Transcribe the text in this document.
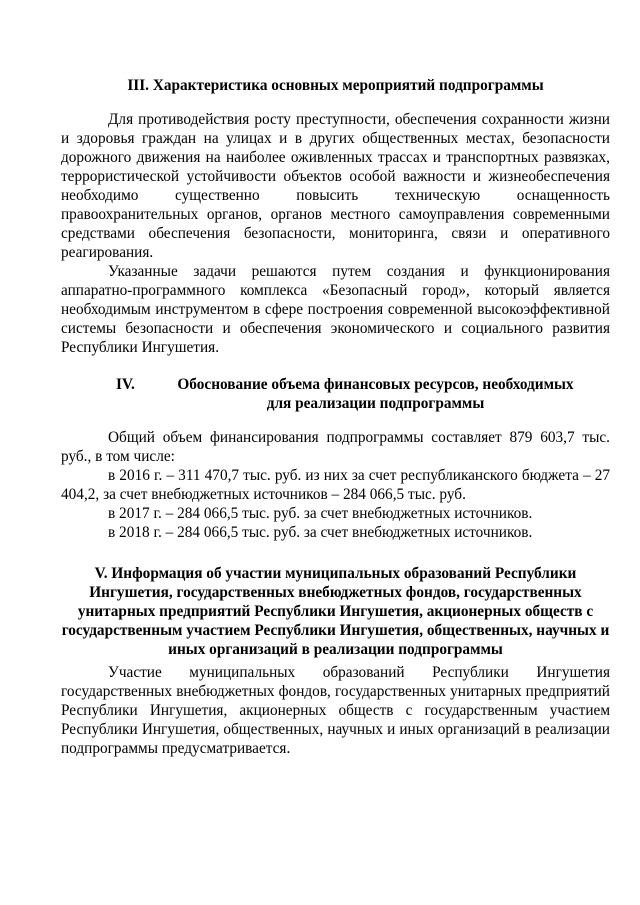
III. Характеристика основных мероприятий подпрограммы

Для противодействия росту преступности, обеспечения сохранности жизни и здоровья граждан на улицах и в других общественных местах, безопасности дорожного движения на наиболее оживленных трассах и транспортных развязках, террористической устойчивости объектов особой важности и жизнеобеспечения необходимо существенно повысить техническую оснащенность правоохранительных органов, органов местного самоуправления современными средствами обеспечения безопасности, мониторинга, связи и оперативного реагирования.

Указанные задачи решаются путем создания и функционирования аппаратно-программного комплекса «Безопасный город», который является необходимым инструментом в сфере построения современной высокоэффективной системы безопасности и обеспечения экономического и социального развития Республики Ингушетия.

IV.	Обоснование объема финансовых ресурсов, необходимых для реализации подпрограммы

Общий объем финансирования подпрограммы составляет 879 603,7 тыс. руб., в том числе:

в 2016 г. – 311 470,7 тыс. руб. из них за счет республиканского бюджета – 27 404,2, за счет внебюджетных источников – 284 066,5 тыс. руб.

в 2017 г. – 284 066,5 тыс. руб. за счет внебюджетных источников.

в 2018 г. – 284 066,5 тыс. руб. за счет внебюджетных источников.

V. Информация об участии муниципальных образований Республики Ингушетия, государственных внебюджетных фондов, государственных унитарных предприятий Республики Ингушетия, акционерных обществ с государственным участием Республики Ингушетия, общественных, научных и иных организаций в реализации подпрограммы

Участие муниципальных образований Республики Ингушетия государственных внебюджетных фондов, государственных унитарных предприятий Республики Ингушетия, акционерных обществ с государственным участием Республики Ингушетия, общественных, научных и иных организаций в реализации подпрограммы предусматривается.
